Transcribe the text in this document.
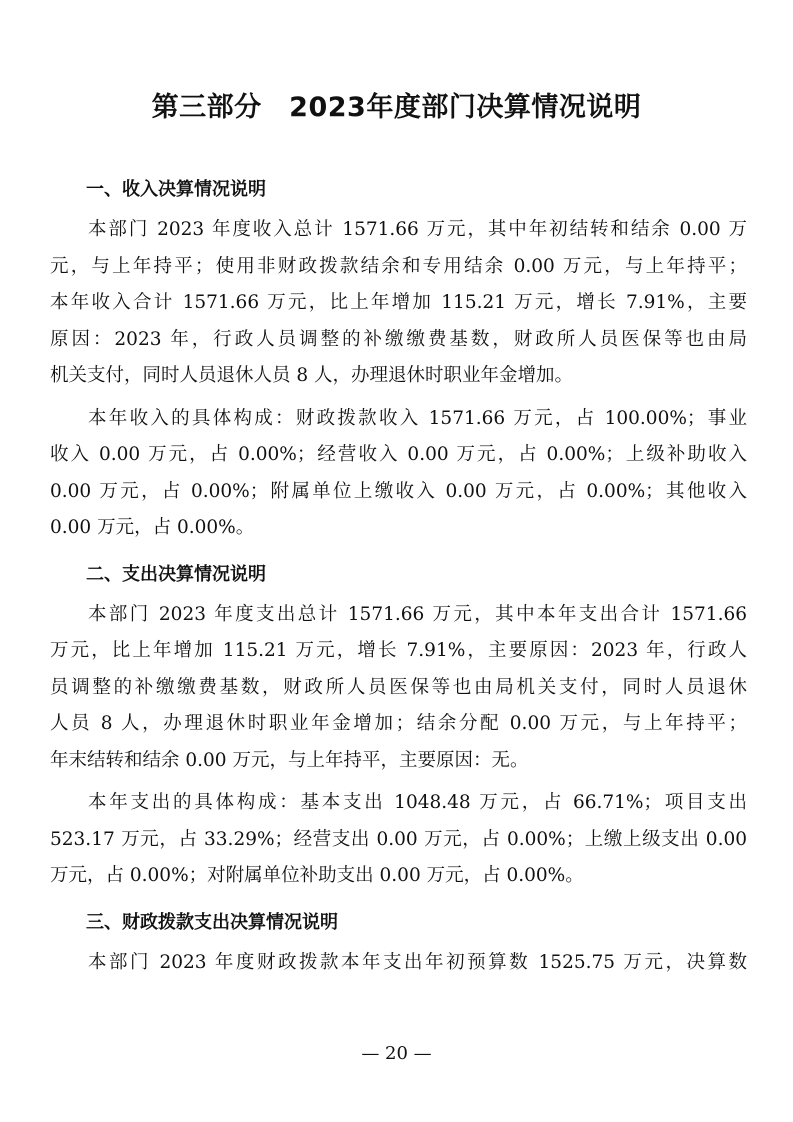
第三部分　2023年度部门决算情况说明
一、收入决算情况说明
本部门 2023 年度收入总计 1571.66 万元，其中年初结转和结余 0.00 万
元，与上年持平；使用非财政拨款结余和专用结余 0.00 万元，与上年持平；
本年收入合计 1571.66 万元，比上年增加 115.21 万元，增长 7.91%，主要
原因：2023 年，行政人员调整的补缴缴费基数，财政所人员医保等也由局
机关支付，同时人员退休人员 8 人，办理退休时职业年金增加。
本年收入的具体构成：财政拨款收入 1571.66 万元，占 100.00%；事业
收入 0.00 万元，占 0.00%；经营收入 0.00 万元，占 0.00%；上级补助收入
0.00 万元，占 0.00%；附属单位上缴收入 0.00 万元，占 0.00%；其他收入
0.00 万元，占 0.00%。
二、支出决算情况说明
本部门 2023 年度支出总计 1571.66 万元，其中本年支出合计 1571.66
万元，比上年增加 115.21 万元，增长 7.91%，主要原因：2023 年，行政人
员调整的补缴缴费基数，财政所人员医保等也由局机关支付，同时人员退休
人员 8 人，办理退休时职业年金增加；结余分配 0.00 万元，与上年持平；
年末结转和结余 0.00 万元，与上年持平，主要原因：无。
本年支出的具体构成：基本支出 1048.48 万元，占 66.71%；项目支出
523.17 万元，占 33.29%；经营支出 0.00 万元，占 0.00%；上缴上级支出 0.00
万元，占 0.00%；对附属单位补助支出 0.00 万元，占 0.00%。
三、财政拨款支出决算情况说明
本部门 2023 年度财政拨款本年支出年初预算数 1525.75 万元，决算数
— 20 —
